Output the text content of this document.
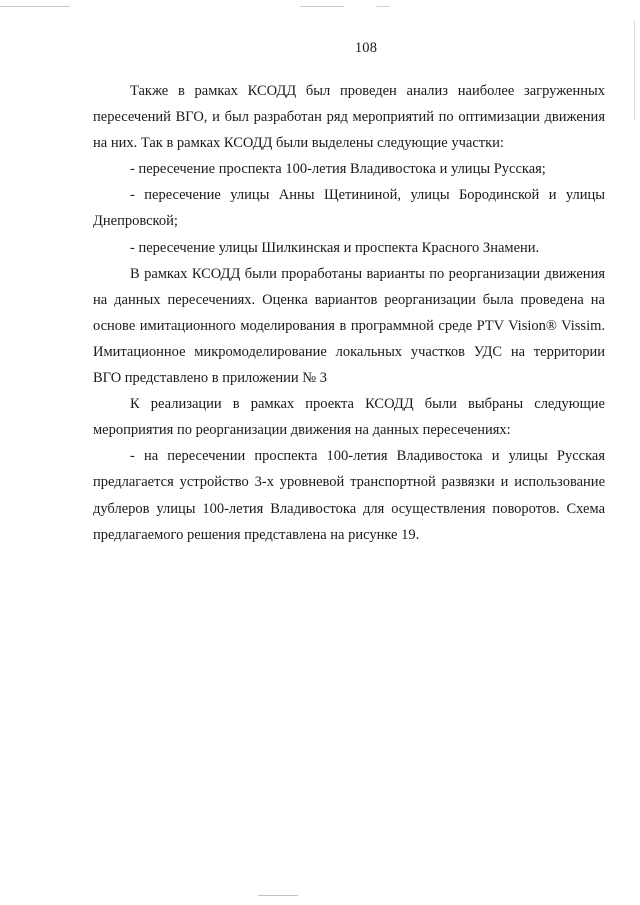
108

Также в рамках КСОДД был проведен анализ наиболее загруженных пересечений ВГО, и был разработан ряд мероприятий по оптимизации движения на них. Так в рамках КСОДД были выделены следующие участки:

- пересечение проспекта 100-летия Владивостока и улицы Русская;

- пересечение улицы Анны Щетининой, улицы Бородинской и улицы Днепровской;

- пересечение улицы Шилкинская и проспекта Красного Знамени.

В рамках КСОДД были проработаны варианты по реорганизации движения на данных пересечениях. Оценка вариантов реорганизации была проведена на основе имитационного моделирования в программной среде PTV Vision® Vissim. Имитационное микромоделирование локальных участков УДС на территории ВГО представлено в приложении № 3

К реализации в рамках проекта КСОДД были выбраны следующие мероприятия по реорганизации движения на данных пересечениях:

- на пересечении проспекта 100-летия Владивостока и улицы Русская предлагается устройство 3-х уровневой транспортной развязки и использование дублеров улицы 100-летия Владивостока для осуществления поворотов. Схема предлагаемого решения представлена на рисунке 19.
